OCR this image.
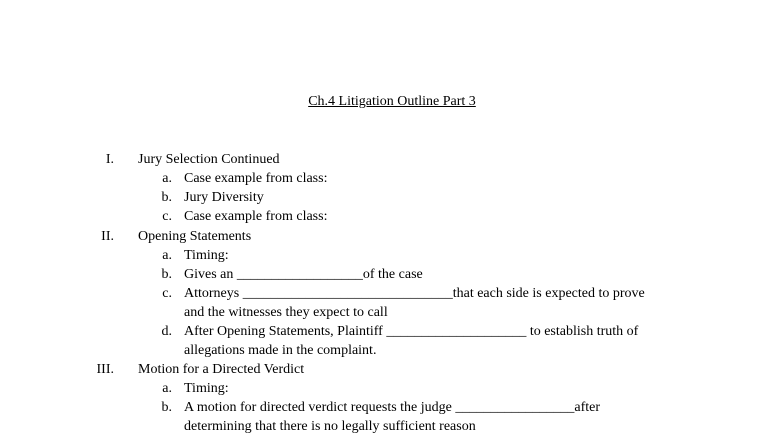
Ch.4 Litigation Outline Part 3
I. Jury Selection Continued
a. Case example from class:
b. Jury Diversity
c. Case example from class:
II. Opening Statements
a. Timing:
b. Gives an __________________of the case
c. Attorneys ______________________________that each side is expected to prove
and the witnesses they expect to call
d. After Opening Statements, Plaintiff ____________________ to establish truth of
allegations made in the complaint.
III. Motion for a Directed Verdict
a. Timing:
b. A motion for directed verdict requests the judge _________________after
determining that there is no legally sufficient reason
